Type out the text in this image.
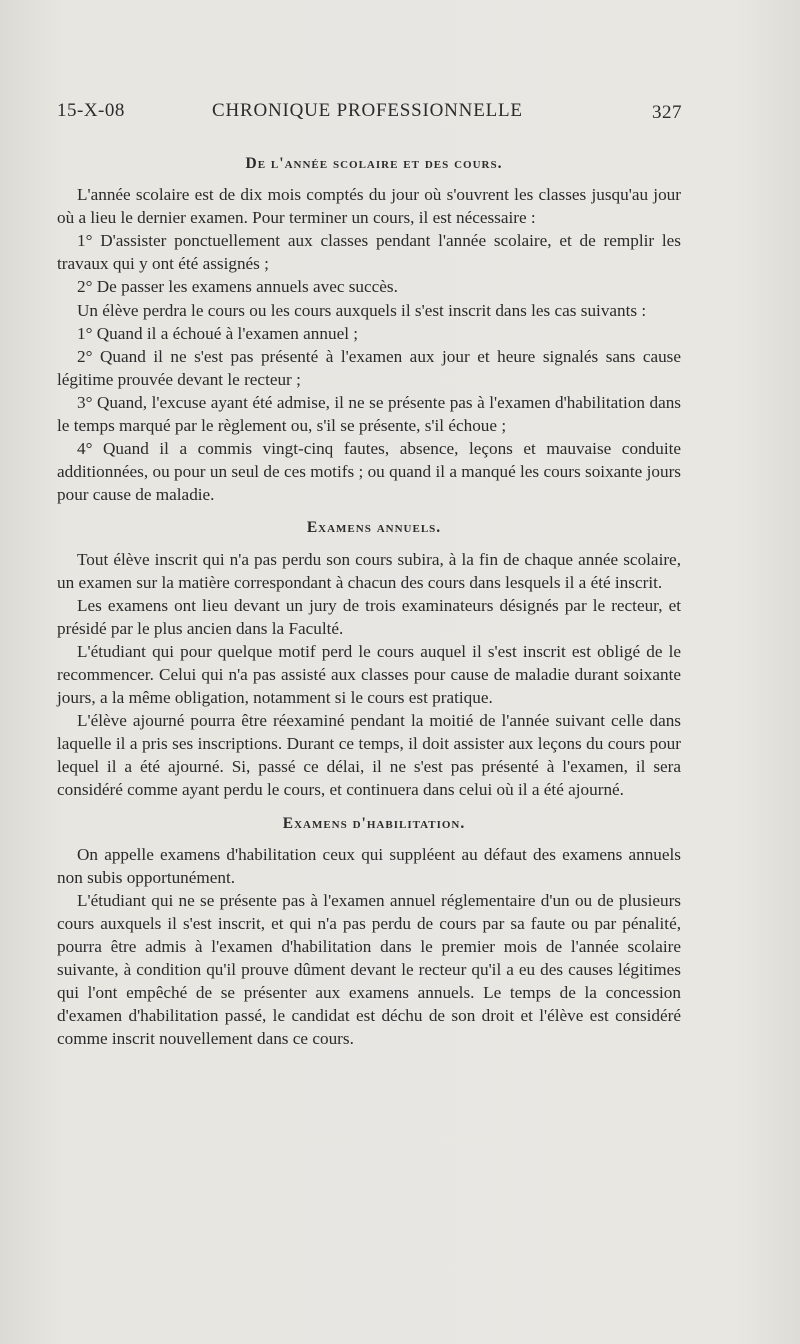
15-X-08	CHRONIQUE PROFESSIONNELLE	327
De l'année scolaire et des cours.

L'année scolaire est de dix mois comptés du jour où s'ouvrent les classes jusqu'au jour où a lieu le dernier examen. Pour terminer un cours, il est nécessaire :

1° D'assister ponctuellement aux classes pendant l'année scolaire, et de remplir les travaux qui y ont été assignés ;

2° De passer les examens annuels avec succès.

Un élève perdra le cours ou les cours auxquels il s'est inscrit dans les cas suivants :

1° Quand il a échoué à l'examen annuel ;

2° Quand il ne s'est pas présenté à l'examen aux jour et heure signalés sans cause légitime prouvée devant le recteur ;

3° Quand, l'excuse ayant été admise, il ne se présente pas à l'examen d'habilitation dans le temps marqué par le règlement ou, s'il se présente, s'il échoue ;

4° Quand il a commis vingt-cinq fautes, absence, leçons et mauvaise conduite additionnées, ou pour un seul de ces motifs ; ou quand il a manqué les cours soixante jours pour cause de maladie.

Examens annuels.

Tout élève inscrit qui n'a pas perdu son cours subira, à la fin de chaque année scolaire, un examen sur la matière correspondant à chacun des cours dans lesquels il a été inscrit.

Les examens ont lieu devant un jury de trois examinateurs désignés par le recteur, et présidé par le plus ancien dans la Faculté.

L'étudiant qui pour quelque motif perd le cours auquel il s'est inscrit est obligé de le recommencer. Celui qui n'a pas assisté aux classes pour cause de maladie durant soixante jours, a la même obligation, notamment si le cours est pratique.

L'élève ajourné pourra être réexaminé pendant la moitié de l'année suivant celle dans laquelle il a pris ses inscriptions. Durant ce temps, il doit assister aux leçons du cours pour lequel il a été ajourné. Si, passé ce délai, il ne s'est pas présenté à l'examen, il sera considéré comme ayant perdu le cours, et continuera dans celui où il a été ajourné.

Examens d'habilitation.

On appelle examens d'habilitation ceux qui suppléent au défaut des examens annuels non subis opportunément.

L'étudiant qui ne se présente pas à l'examen annuel réglementaire d'un ou de plusieurs cours auxquels il s'est inscrit, et qui n'a pas perdu de cours par sa faute ou par pénalité, pourra être admis à l'examen d'habilitation dans le premier mois de l'année scolaire suivante, à condition qu'il prouve dûment devant le recteur qu'il a eu des causes légitimes qui l'ont empêché de se présenter aux examens annuels. Le temps de la concession d'examen d'habilitation passé, le candidat est déchu de son droit et l'élève est considéré comme inscrit nouvellement dans ce cours.
